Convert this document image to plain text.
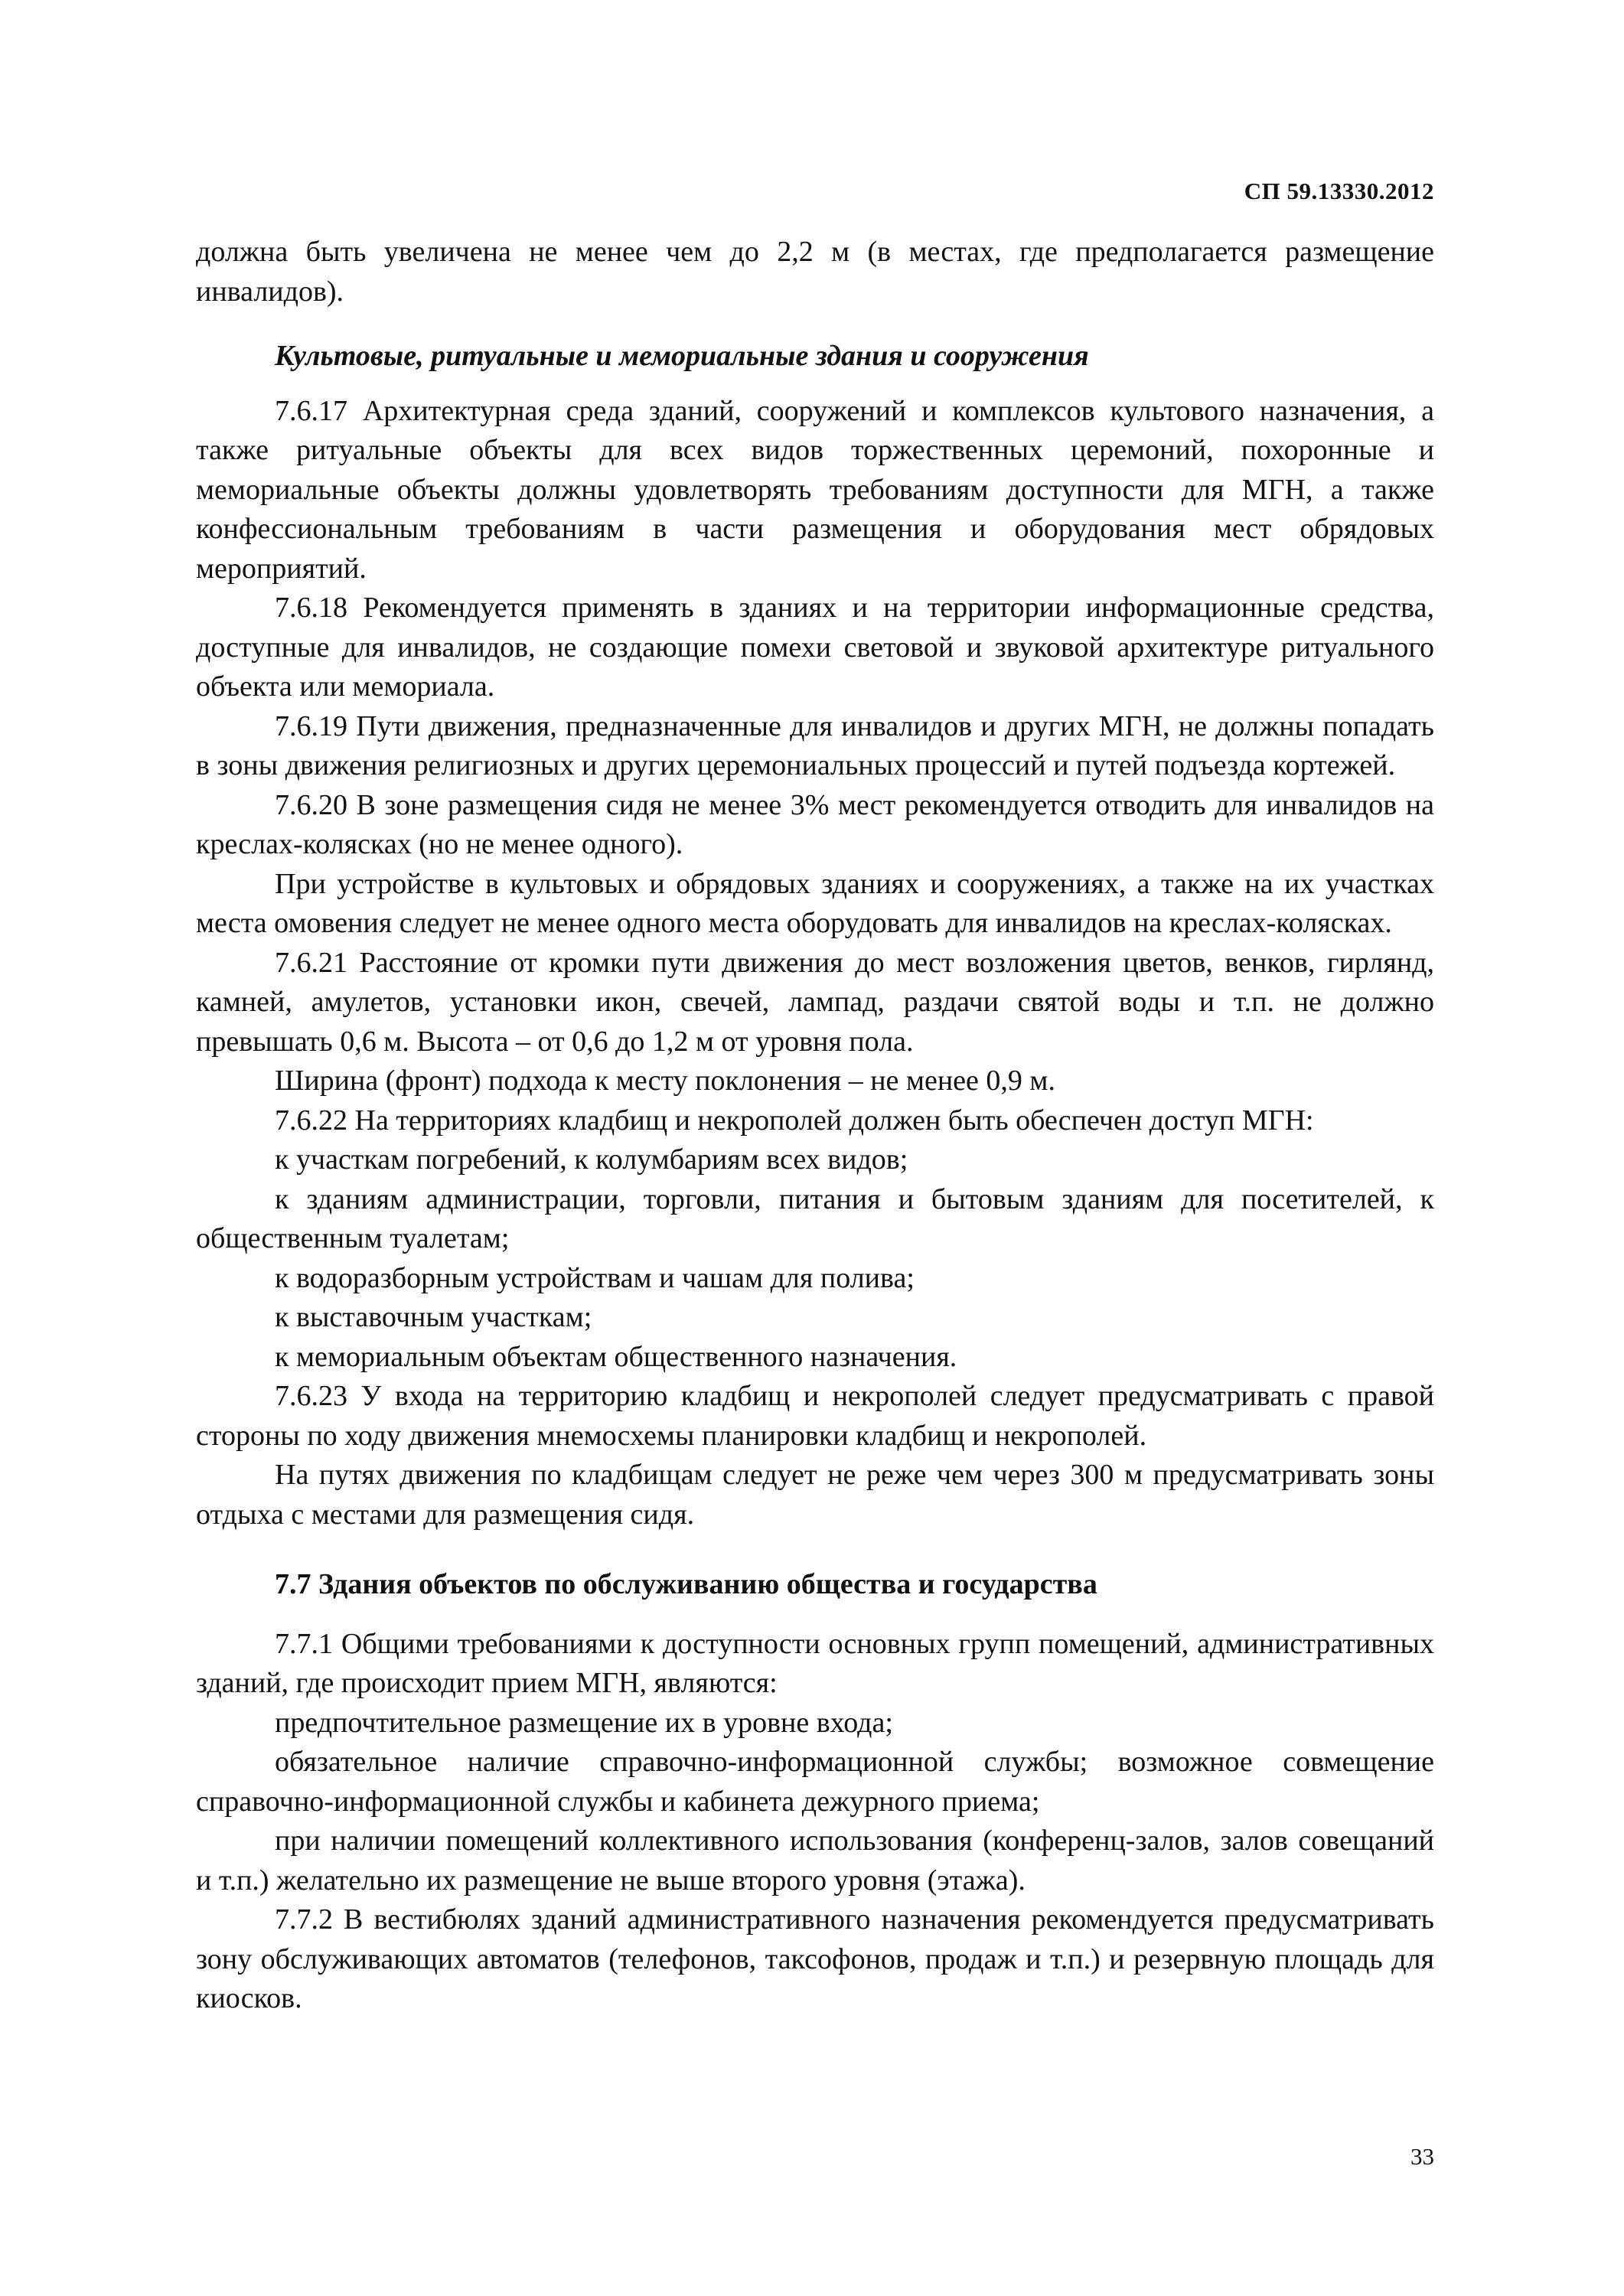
СП 59.13330.2012

должна быть увеличена не менее чем до 2,2 м (в местах, где предполагается размещение инвалидов).

Культовые, ритуальные и мемориальные здания и сооружения

7.6.17 Архитектурная среда зданий, сооружений и комплексов культового назначения, а также ритуальные объекты для всех видов торжественных церемоний, похоронные и мемориальные объекты должны удовлетворять требованиям доступности для МГН, а также конфессиональным требованиям в части размещения и оборудования мест обрядовых мероприятий.

7.6.18 Рекомендуется применять в зданиях и на территории информационные средства, доступные для инвалидов, не создающие помехи световой и звуковой архитектуре ритуального объекта или мемориала.

7.6.19 Пути движения, предназначенные для инвалидов и других МГН, не должны попадать в зоны движения религиозных и других церемониальных процессий и путей подъезда кортежей.

7.6.20 В зоне размещения сидя не менее 3% мест рекомендуется отводить для инвалидов на креслах-колясках (но не менее одного).

При устройстве в культовых и обрядовых зданиях и сооружениях, а также на их участках места омовения следует не менее одного места оборудовать для инвалидов на креслах-колясках.

7.6.21 Расстояние от кромки пути движения до мест возложения цветов, венков, гирлянд, камней, амулетов, установки икон, свечей, лампад, раздачи святой воды и т.п. не должно превышать 0,6 м. Высота – от 0,6 до 1,2 м от уровня пола.

Ширина (фронт) подхода к месту поклонения – не менее 0,9 м.

7.6.22 На территориях кладбищ и некрополей должен быть обеспечен доступ МГН:

к участкам погребений, к колумбариям всех видов;

к зданиям администрации, торговли, питания и бытовым зданиям для посетителей, к общественным туалетам;

к водоразборным устройствам и чашам для полива;

к выставочным участкам;

к мемориальным объектам общественного назначения.

7.6.23 У входа на территорию кладбищ и некрополей следует предусматривать с правой стороны по ходу движения мнемосхемы планировки кладбищ и некрополей.

На путях движения по кладбищам следует не реже чем через 300 м предусматривать зоны отдыха с местами для размещения сидя.

7.7 Здания объектов по обслуживанию общества и государства

7.7.1 Общими требованиями к доступности основных групп помещений, административных зданий, где происходит прием МГН, являются:

предпочтительное размещение их в уровне входа;

обязательное наличие справочно-информационной службы; возможное совмещение справочно-информационной службы и кабинета дежурного приема;

при наличии помещений коллективного использования (конференц-залов, залов совещаний и т.п.) желательно их размещение не выше второго уровня (этажа).

7.7.2 В вестибюлях зданий административного назначения рекомендуется предусматривать зону обслуживающих автоматов (телефонов, таксофонов, продаж и т.п.) и резервную площадь для киосков.

33
